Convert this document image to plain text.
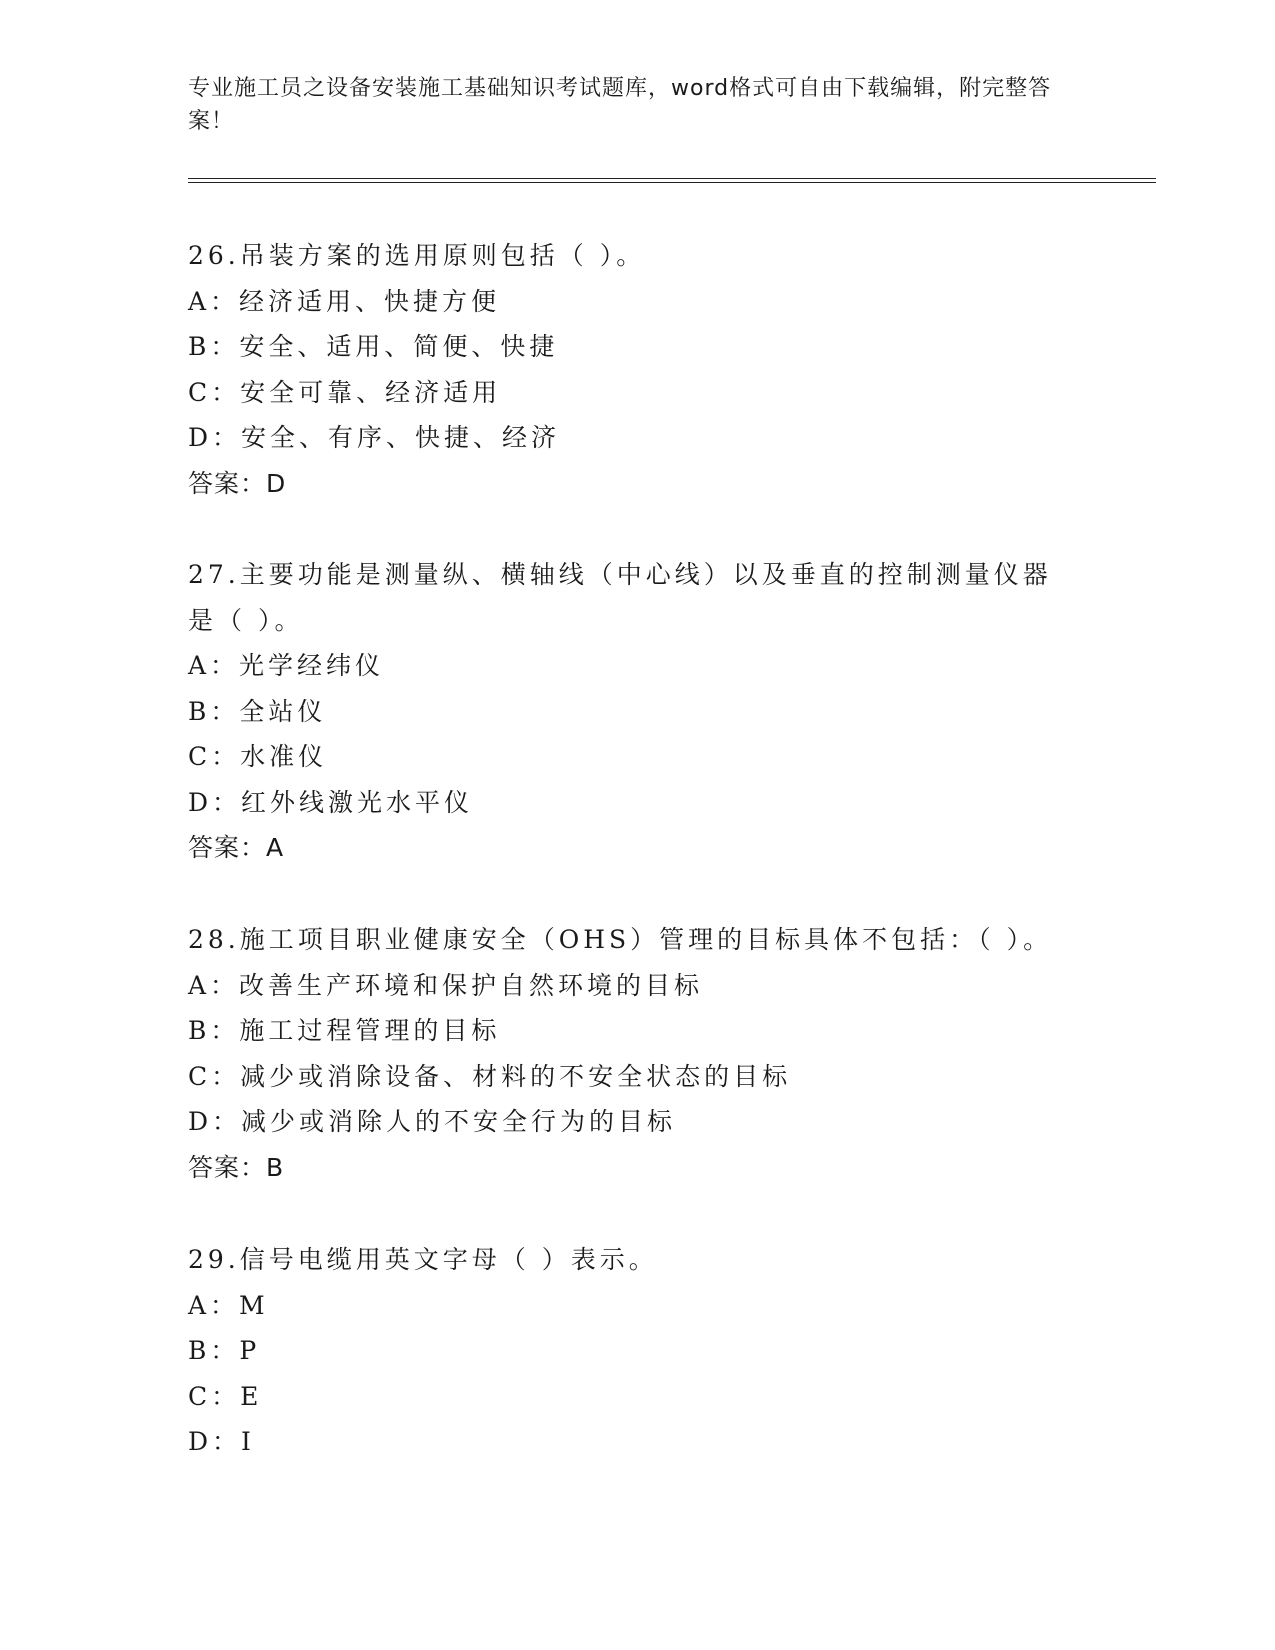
专业施工员之设备安装施工基础知识考试题库，word格式可自由下载编辑，附完整答案！
26.吊装方案的选用原则包括（ ）。
A：经济适用、快捷方便
B：安全、适用、简便、快捷
C：安全可靠、经济适用
D：安全、有序、快捷、经济
答案：D
27.主要功能是测量纵、横轴线（中心线）以及垂直的控制测量仪器是（ ）。
A：光学经纬仪
B：全站仪
C：水准仪
D：红外线激光水平仪
答案：A
28.施工项目职业健康安全（OHS）管理的目标具体不包括：（ ）。
A：改善生产环境和保护自然环境的目标
B：施工过程管理的目标
C：减少或消除设备、材料的不安全状态的目标
D：减少或消除人的不安全行为的目标
答案：B
29.信号电缆用英文字母（ ）表示。
A：M
B：P
C：E
D：I
